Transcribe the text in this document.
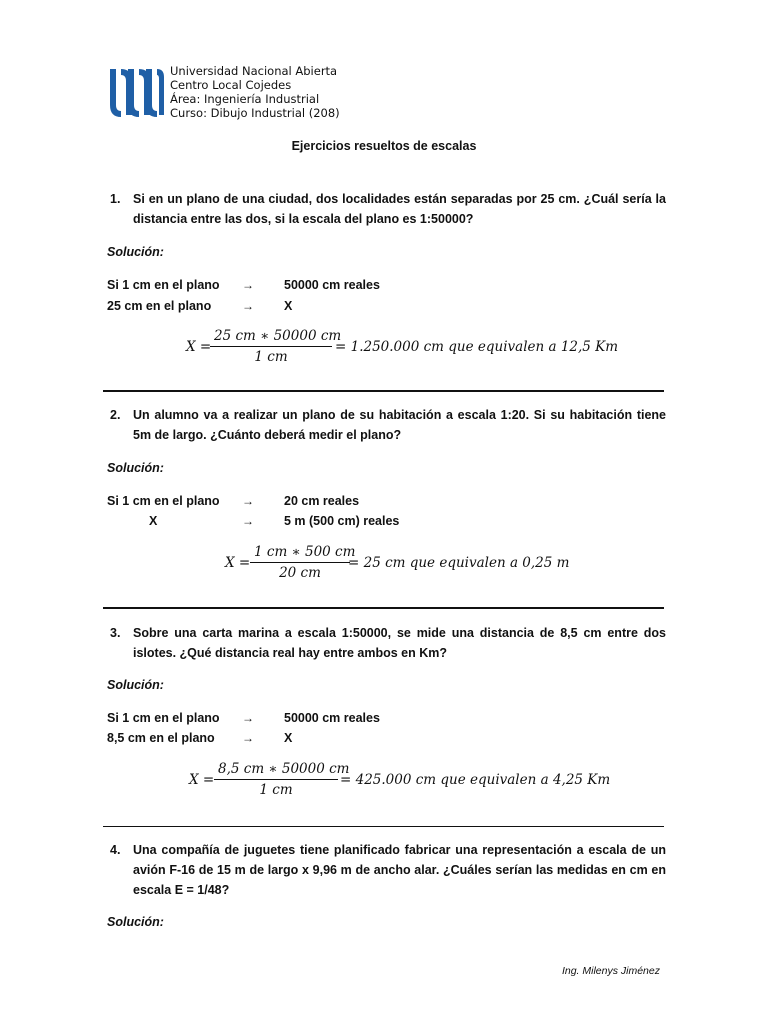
Universidad Nacional Abierta
Centro Local Cojedes
Área: Ingeniería Industrial
Curso: Dibujo Industrial (208)
Ejercicios resueltos de escalas
1. Si en un plano de una ciudad, dos localidades están separadas por 25 cm. ¿Cuál sería la distancia entre las dos, si la escala del plano es 1:50000?
Solución:
Si 1 cm en el plano → 50000 cm reales
25 cm en el plano	→ X
X =
$\frac{25 cm ∗ 50000 cm}{1 cm} = 1.250.000$ cm que equivalen a 12,5 Km
2. Un alumno va a realizar un plano de su habitación a escala 1:20. Si su habitación tiene 5m de largo. ¿Cuánto deberá medir el plano?
Solución:
Si 1 cm en el plano → 20 cm reales
X	→ 5 m (500 cm) reales
$X = \frac{1 cm ∗ 500 cm}{20 cm}$
= 25 cm que equivalen a 0,25 m
3. Sobre una carta marina a escala 1:50000, se mide una distancia de 8,5 cm entre dos islotes. ¿Qué distancia real hay entre ambos en Km?
Solución:
Si 1 cm en el plano → 50000 cm reales
8,5 cm en el plano → X
$X = \frac{8,5 cm ∗ 50000 cm}{1 cm} = 425.000$ cm que equivalen a 4,25 Km
4. Una compañía de juguetes tiene planificado fabricar una representación a escala de un avión F-16 de 15 m de largo x 9,96 m de ancho alar. ¿Cuáles serían las medidas en cm en escala E = 1/48?
Solución:
Ing. Milenys Jiménez
